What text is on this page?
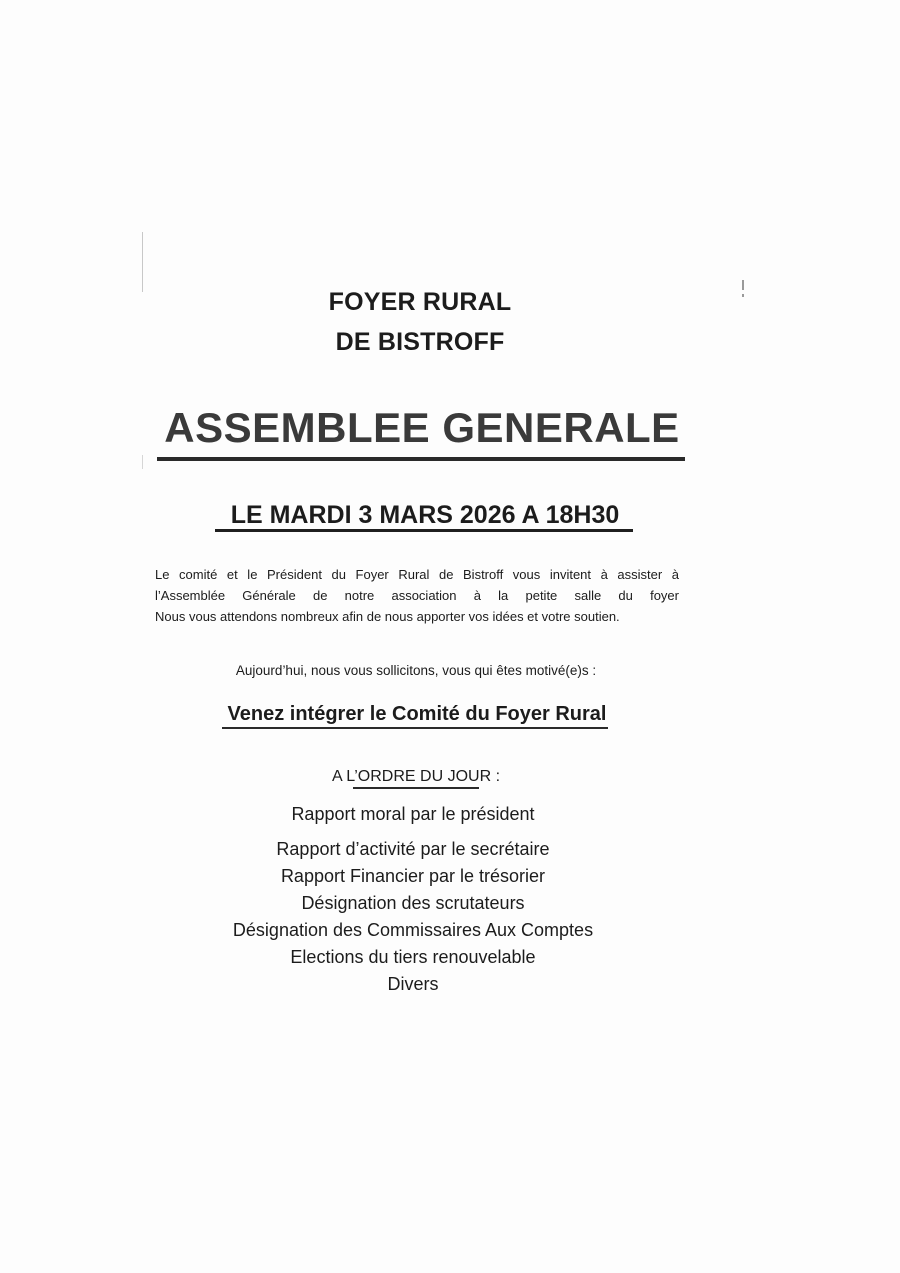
FOYER RURAL
DE BISTROFF
ASSEMBLEE GENERALE
LE MARDI 3 MARS 2026 A 18H30
Le comité et le Président du Foyer Rural de Bistroff vous invitent à assister à
l’Assemblée Générale de notre association à la petite salle du foyer
Nous vous attendons nombreux afin de nous apporter vos idées et votre soutien.
Aujourd’hui, nous vous sollicitons, vous qui êtes motivé(e)s :
Venez intégrer le Comité du Foyer Rural
A L’ORDRE DU JOUR :
Rapport moral par le président
Rapport d’activité par le secrétaire
Rapport Financier par le trésorier
Désignation des scrutateurs
Désignation des Commissaires Aux Comptes
Elections du tiers renouvelable
Divers
